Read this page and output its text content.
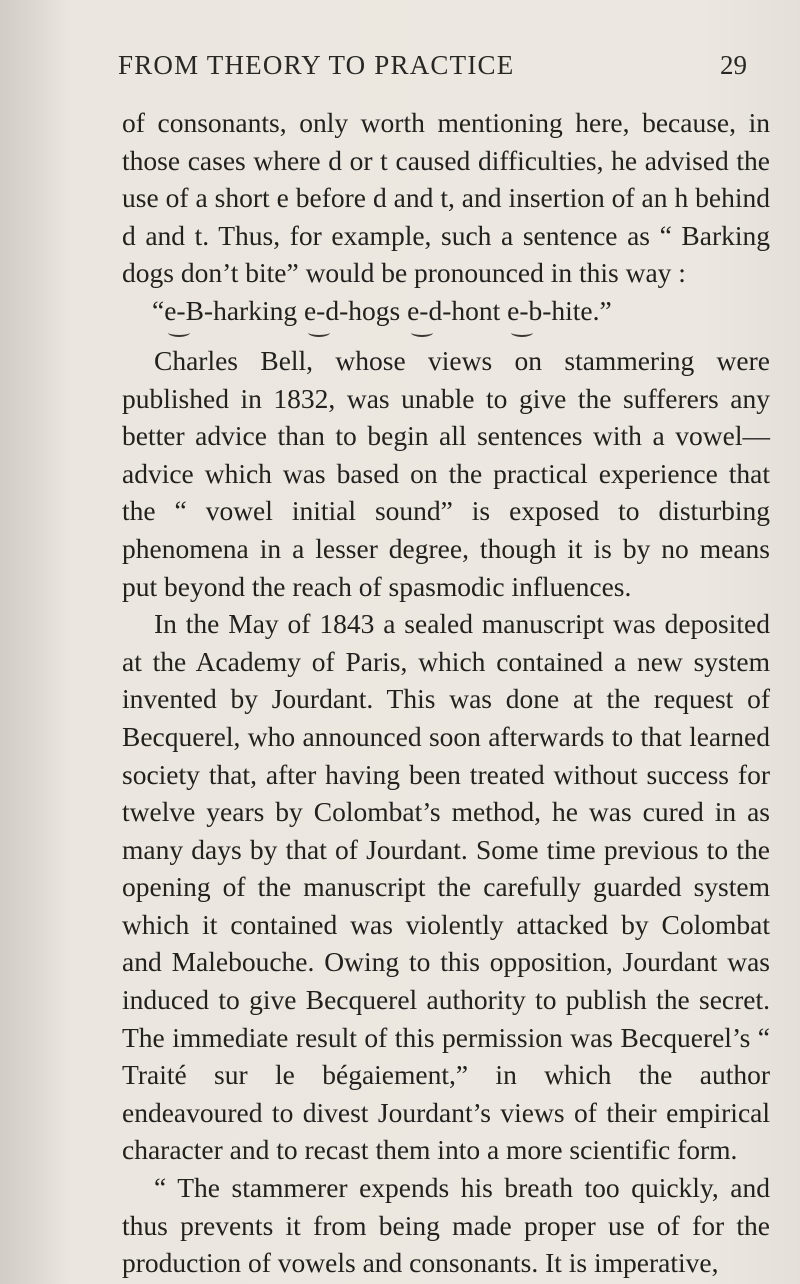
FROM THEORY TO PRACTICE	29

of consonants, only worth mentioning here, because, in those cases where d or t caused difficulties, he advised the use of a short e before d and t, and insertion of an h behind d and t. Thus, for example, such a sentence as “ Barking dogs don’t bite” would be pronounced in this way :

“e-B-harking e-d-hogs e-d-hont e-b-hite.
”

Charles Bell, whose views on stammering were published in 1832, was unable to give the sufferers any better advice than to begin all sentences with a vowel— advice which was based on the practical experience that the “ vowel initial sound” is exposed to disturbing phenomena in a lesser degree, though it is by no means put beyond the reach of spasmodic influences.

In the May of 1843 a sealed manuscript was deposited at the Academy of Paris, which contained a new system invented by Jourdant. This was done at the request of Becquerel, who announced soon afterwards to that learned society that, after having been treated without success for twelve years by Colombat’s method, he was cured in as many days by that of Jourdant. Some time previous to the opening of the manuscript the carefully guarded system which it contained was violently attacked by Colombat and Malebouche. Owing to this opposition, Jourdant was induced to give Becquerel authority to publish the secret. The immediate result of this permission was Becquerel’s “ Traité sur le bégaiement,” in which the author endeavoured to divest Jourdant’s views of their empirical character and to recast them into a more scientific form.

“ The stammerer expends his breath too quickly, and thus prevents it from being made proper use of for the production of vowels and consonants. It is imperative,
